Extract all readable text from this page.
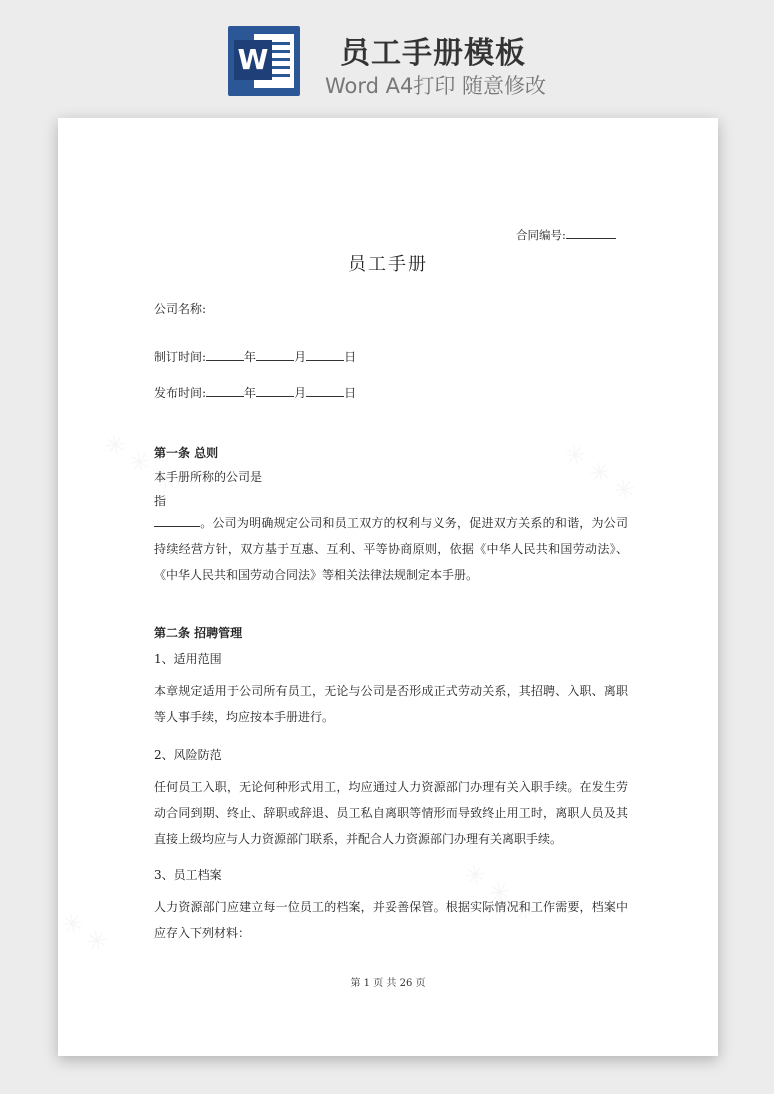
W 员工手册模板
Word A4打印 随意修改
合同编号:
员工手册
公司名称:
制订时间:	年	月	日
发布时间:	年	月	日
第一条 总则
本手册所称的公司是
指
。公司为明确规定公司和员工双方的权利与义务，促进双方关系的和谐，为公司持续经营方针，双方基于互惠、互利、平等协商原则，依据《中华人民共和国劳动法》、《中华人民共和国劳动合同法》等相关法律法规制定本手册。
第二条 招聘管理
1、适用范围
本章规定适用于公司所有员工，无论与公司是否形成正式劳动关系，其招聘、入职、离职等人事手续，均应按本手册进行。
2、风险防范
任何员工入职，无论何种形式用工，均应通过人力资源部门办理有关入职手续。在发生劳动合同到期、终止、辞职或辞退、员工私自离职等情形而导致终止用工时，离职人员及其直接上级均应与人力资源部门联系，并配合人力资源部门办理有关离职手续。
3、员工档案
人力资源部门应建立每一位员工的档案，并妥善保管。根据实际情况和工作需要，档案中应存入下列材料：
第 1 页 共 26 页
